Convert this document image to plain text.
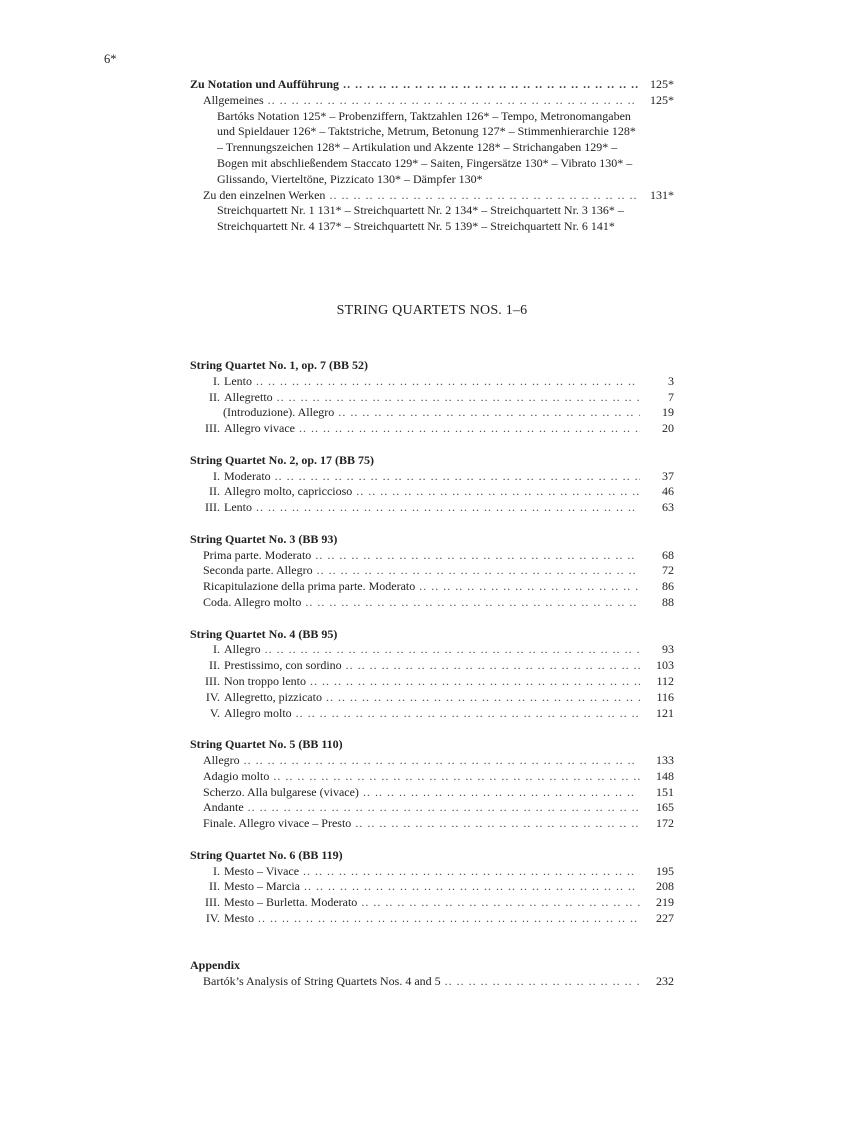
6*
Zu Notation und Aufführung .. ..	125*
Allgemeines .. ..	125*
Bartóks Notation 125* – Probenziffern, Taktzahlen 126* – Tempo, Metronomangaben und Spieldauer 126* – Taktstriche, Metrum, Betonung 127* – Stimmenhierarchie 128* – Trennungszeichen 128* – Artikulation und Akzente 128* – Strichangaben 129* – Bogen mit abschließendem Staccato 129* – Saiten, Fingersätze 130* – Vibrato 130* – Glissando, Vierteltöne, Pizzicato 130* – Dämpfer 130*
Zu den einzelnen Werken .. ..	131*
Streichquartett Nr. 1 131* – Streichquartett Nr. 2 134* – Streichquartett Nr. 3 136* – Streichquartett Nr. 4 137* – Streichquartett Nr. 5 139* – Streichquartett Nr. 6 141*
STRING QUARTETS NOS. 1–6
String Quartet No. 1, op. 7 (BB 52)
I. Lento .. ..	3
II. Allegretto .. ..	7
(Introduzione). Allegro .. ..	19
III. Allegro vivace .. ..	20
String Quartet No. 2, op. 17 (BB 75)
I. Moderato .. ..	37
II. Allegro molto, capriccioso .. ..	46
III. Lento .. ..	63
String Quartet No. 3 (BB 93)
Prima parte. Moderato .. ..	68
Seconda parte. Allegro .. ..	72
Ricapitulazione della prima parte. Moderato .. ..	86
Coda. Allegro molto .. ..	88
String Quartet No. 4 (BB 95)
I. Allegro .. ..	93
II. Prestissimo, con sordino .. ..	103
III. Non troppo lento .. ..	112
IV. Allegretto, pizzicato .. ..	116
V. Allegro molto .. ..	121
String Quartet No. 5 (BB 110)
Allegro .. ..	133
Adagio molto .. ..	148
Scherzo. Alla bulgarese (vivace) .. ..	151
Andante .. ..	165
Finale. Allegro vivace – Presto .. ..	172
String Quartet No. 6 (BB 119)
I. Mesto – Vivace .. ..	195
II. Mesto – Marcia .. ..	208
III. Mesto – Burletta. Moderato .. ..	219
IV. Mesto .. ..	227
Appendix
Bartók’s Analysis of String Quartets Nos. 4 and 5 .. ..	232
